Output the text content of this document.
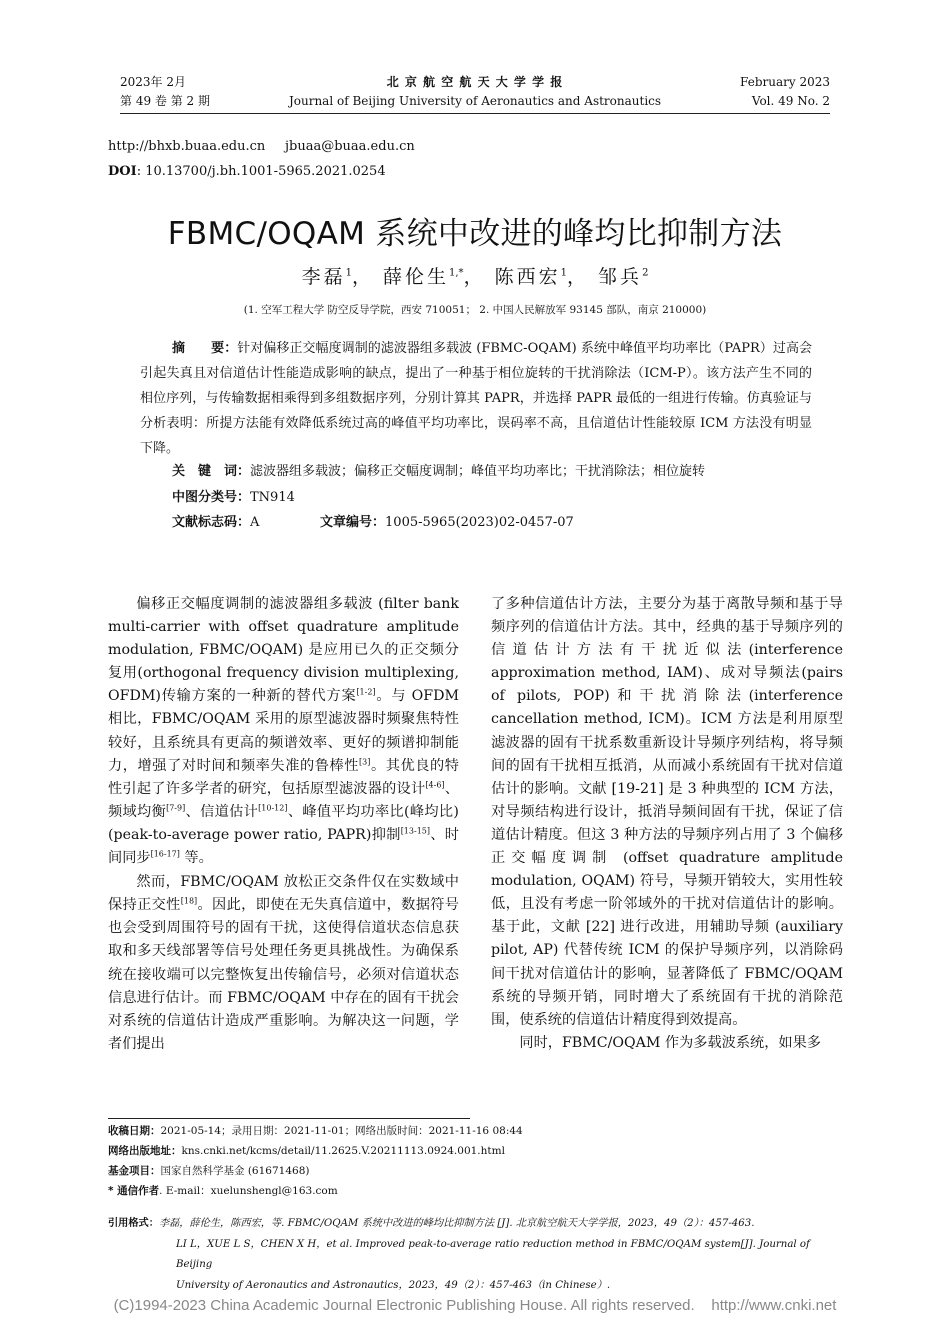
2023年 2月
第 49 卷 第 2 期
北 京 航 空 航 天 大 学 学 报
Journal of Beijing University of Aeronautics and Astronautics
February 2023
Vol. 49 No. 2
http://bhxb.buaa.edu.cn jbuaa@buaa.edu.cn
DOI: 10.13700/j.bh.1001-5965.2021.0254
FBMC/OQAM 系统中改进的峰均比抑制方法
李磊$^1$， 薛伦生$^{1,*}$， 陈西宏$^1$， 邹兵$^2$
(1. 空军工程大学 防空反导学院，西安 710051； 2. 中国人民解放军 93145 部队，南京 210000)

摘　　要：针对偏移正交幅度调制的滤波器组多载波 (FBMC-OQAM) 系统中峰值平均功率比（PAPR）过高会引起失真且对信道估计性能造成影响的缺点，提出了一种基于相位旋转的干扰消除法（ICM-P）。该方法产生不同的相位序列，与传输数据相乘得到多组数据序列，分别计算其 PAPR，并选择 PAPR 最低的一组进行传输。仿真验证与分析表明：所提方法能有效降低系统过高的峰值平均功率比，误码率不高，且信道估计性能较原 ICM 方法没有明显下降。

关　键　词：滤波器组多载波；偏移正交幅度调制；峰值平均功率比；干扰消除法；相位旋转
中图分类号：TN914
文献标志码：A	文章编号：1005-5965(2023)02-0457-07

偏移正交幅度调制的滤波器组多载波 (filter bank multi-carrier with offset quadrature amplitude modulation, FBMC/OQAM) 是应用已久的正交频分复用(orthogonal frequency division multiplexing, OFDM)传输方案的一种新的替代方案[1-2]。与 OFDM 相比，FBMC/OQAM 采用的原型滤波器时频聚焦特性较好，且系统具有更高的频谱效率、更好的频谱抑制能力，增强了对时间和频率失准的鲁棒性[3]。其优良的特性引起了许多学者的研究，包括原型滤波器的设计[4-6]、频域均衡[7-9]、信道估计[10-12]、峰值平均功率比(峰均比)(peak-to-average power ratio, PAPR)抑制[13-15]、时间同步[16-17] 等。

然而，FBMC/OQAM 放松正交条件仅在实数域中保持正交性[18]。因此，即使在无失真信道中，数据符号也会受到周围符号的固有干扰，这使得信道状态信息获取和多天线部署等信号处理任务更具挑战性。为确保系统在接收端可以完整恢复出传输信号，必须对信道状态信息进行估计。而 FBMC/OQAM 中存在的固有干扰会对系统的信道估计造成严重影响。为解决这一问题，学者们提出

了多种信道估计方法，主要分为基于离散导频和基于导频序列的信道估计方法。其中，经典的基于导频序列的信道估计方法有干扰近似法(interference approximation method, IAM)、成对导频法(pairs of pilots, POP)和干扰消除法(interference cancellation method, ICM)。ICM 方法是利用原型滤波器的固有干扰系数重新设计导频序列结构，将导频间的固有干扰相互抵消，从而减小系统固有干扰对信道估计的影响。文献 [19-21] 是 3 种典型的 ICM 方法，对导频结构进行设计，抵消导频间固有干扰，保证了信道估计精度。但这 3 种方法的导频序列占用了 3 个偏移正交幅度调制 (offset quadrature amplitude modulation, OQAM) 符号，导频开销较大，实用性较低，且没有考虑一阶邻域外的干扰对信道估计的影响。基于此，文献 [22] 进行改进，用辅助导频 (auxiliary pilot, AP) 代替传统 ICM 的保护导频序列，以消除码间干扰对信道估计的影响，显著降低了 FBMC/OQAM 系统的导频开销，同时增大了系统固有干扰的消除范围，使系统的信道估计精度得到效提高。

同时，FBMC/OQAM 作为多载波系统，如果多

收稿日期：2021-05-14；录用日期：2021-11-01；网络出版时间：2021-11-16 08:44
网络出版地址：kns.cnki.net/kcms/detail/11.2625.V.20211113.0924.001.html
基金项目：国家自然科学基金 (61671468)
* 通信作者. E-mail：xuelunshengl@163.com
引用格式：李磊，薛伦生，陈西宏，等. FBMC/OQAM 系统中改进的峰均比抑制方法 [J]. 北京航空航天大学学报，2023，49（2）：457-463.
LI L，XUE L S，CHEN X H，et al. Improved peak-to-average ratio reduction method in FBMC/OQAM system[J]. Journal of Beijing
University of Aeronautics and Astronautics，2023，49（2）：457-463（in Chinese）.
(C)1994-2023 China Academic Journal Electronic Publishing House. All rights reserved.    http://www.cnki.net
